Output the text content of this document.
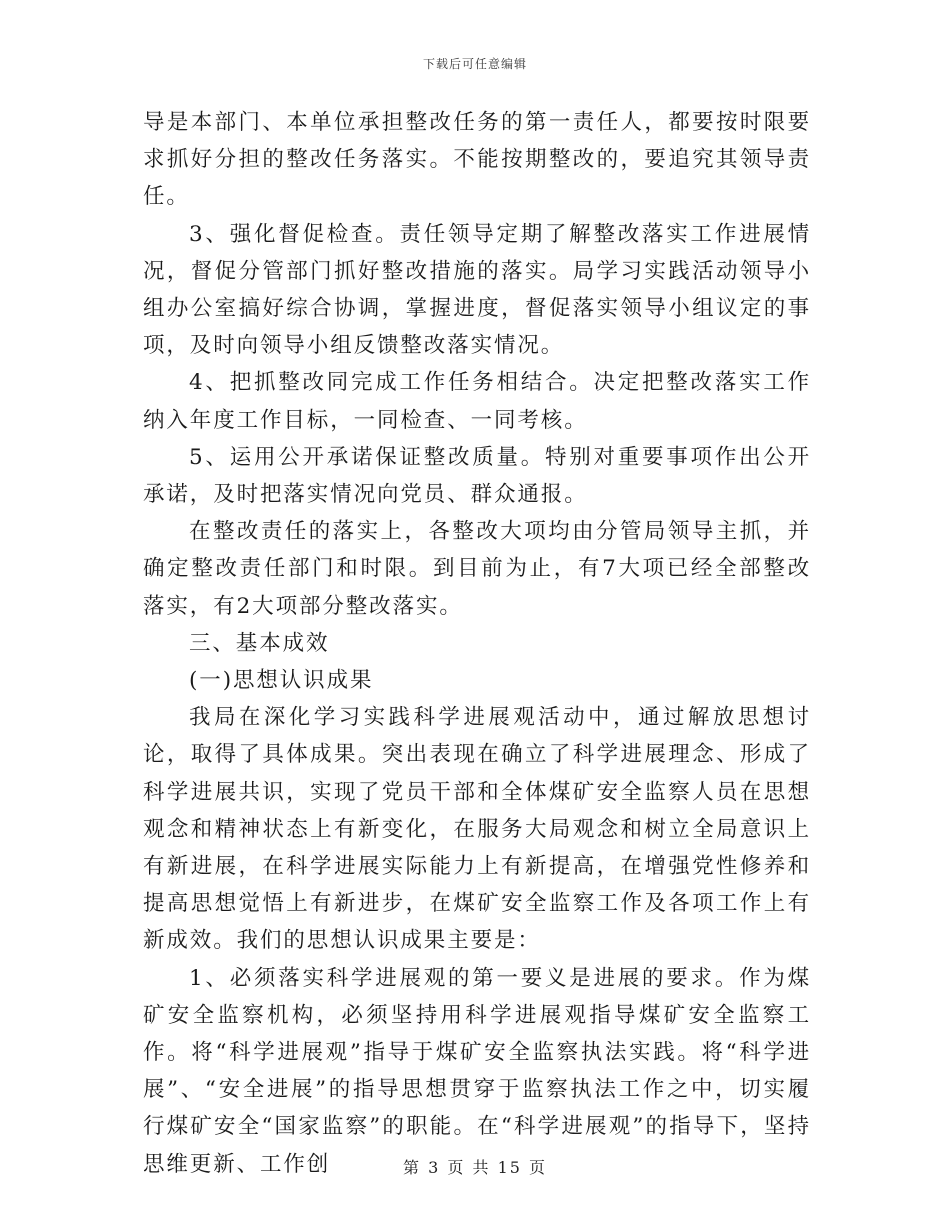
下载后可任意编辑

导是本部门、本单位承担整改任务的第一责任人，都要按时限要求抓好分担的整改任务落实。不能按期整改的，要追究其领导责任。

3、强化督促检查。责任领导定期了解整改落实工作进展情况，督促分管部门抓好整改措施的落实。局学习实践活动领导小组办公室搞好综合协调，掌握进度，督促落实领导小组议定的事项，及时向领导小组反馈整改落实情况。

4、把抓整改同完成工作任务相结合。决定把整改落实工作纳入年度工作目标，一同检查、一同考核。

5、运用公开承诺保证整改质量。特别对重要事项作出公开承诺，及时把落实情况向党员、群众通报。

在整改责任的落实上，各整改大项均由分管局领导主抓，并确定整改责任部门和时限。到目前为止，有7大项已经全部整改落实，有2大项部分整改落实。

三、基本成效

(一)思想认识成果

我局在深化学习实践科学进展观活动中，通过解放思想讨论，取得了具体成果。突出表现在确立了科学进展理念、形成了科学进展共识，实现了党员干部和全体煤矿安全监察人员在思想观念和精神状态上有新变化，在服务大局观念和树立全局意识上有新进展，在科学进展实际能力上有新提高，在增强党性修养和提高思想觉悟上有新进步，在煤矿安全监察工作及各项工作上有新成效。我们的思想认识成果主要是：

1、必须落实科学进展观的第一要义是进展的要求。作为煤矿安全监察机构，必须坚持用科学进展观指导煤矿安全监察工作。将“科学进展观”指导于煤矿安全监察执法实践。将“科学进展”、“安全进展”的指导思想贯穿于监察执法工作之中，切实履行煤矿安全“国家监察”的职能。在“科学进展观”的指导下，坚持思维更新、工作创	第 3 页 共 15 页
